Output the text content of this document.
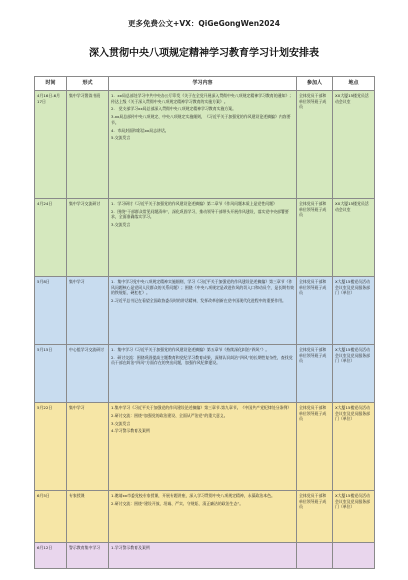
更多免费公文+VX：QiGeGongWen2024
深入贯彻中央八项规定精神学习教育学习计划安排表
时间	形式	学习内容	参加人	地点
4月16日-6月17日	集中学习暨读书班	1．xx局总部处学习中共中央办公厅印发《关于在全党开展深入贯彻中央八项规定精神学习教育的通知》；传达上级《关于深入贯彻中央八项规定精神学习教育的实施方案》。

2． 党支部学习xx局总部深入贯彻中央八项规定精神学习教育实施方案。

3.xx局总部传中央八项规定、中央八项规定实施细则，《习近平关于加强党的作风建设论述摘编》内容要节。

4．市局封面和彩信xx局志讲话。

5.交流发言	全体党员干部和单位领导班子成员	XX大厦15楼党员活动会议室
4月24日	集中学习交流研讨	1．学习研讨《习近平关于加强党的作风建设论述摘编》第二章节《作风问题本质上是党性问题》

2．围绕“干部群众常见问题清单”，深化巩固学习，推动领导干部带头开展作风建设，落实党中央部署要求，全面准确落实学习。

3.交流发言	全体党员干部和单位领导班子成员	XX大厦15楼党员活动会议室
5月8日	集中学习	1．集中学习党中央八项规定精神实施细则，学习《习近平关于加强党的作风建设论述摘编》第三章节《作风问题核心是党同人民群众的关系问题》；围绕《中央八项规定是改进作风的切入口和动员令，是长期有效的铁规矩、硬杠杠》。

2.习近平总书记在看望全国政协委员时的讲话精神，发挥改革创新在党中国现代化进程中的重要作用。	全体党员干部和单位领导班子成员	X大厦15楼党员活动会议室及党员服务部门（单位）
5月15日	中心组学习交流研讨	1．集中学习《习近平关于加强党的作风建设论述摘编》第五章节《持续深化纠治“四风”》。

2．研讨交流：围绕巩固提高主题教育和党纪学习教育成果，深刻认识纠治“四风”的长期性复杂性，查找党员干部在纠治“四风”方面存在的突出问题，加强作风纪律建设。	全体党员干部和单位领导班子成员	X大厦15楼党员活动会议室及党员服务部门（单位）
5月22日	集中学习	1.集中学习《习近平关于加强党的作风建设论述摘编》第三章节-第九章节。《中国共产党纪律处分条例》

2.研讨交流：围绕“加强党的政治建设、全面从严治党”的重大意义。

3.交流发言

4.学习警示教育及案例	全体党员干部和单位领导班子成员	X大厦15楼党员活动会议室及党员服务部门（单位）
6月5日	专家授课	1.邀请xx市委党校专家授课，开展专题讲座，深入学习贯彻中央八项规定精神，永葆政治本色。

2.研讨交流：围绕“建设开放、坦诚、严实、守规矩、清正廉洁的政治生态”。	全体党员干部和单位领导班子成员	X大厦15楼党员活动会议室及党员服务部门（单位）
6月12日	警示教育集中学习	1.学习警示教育及案例		
